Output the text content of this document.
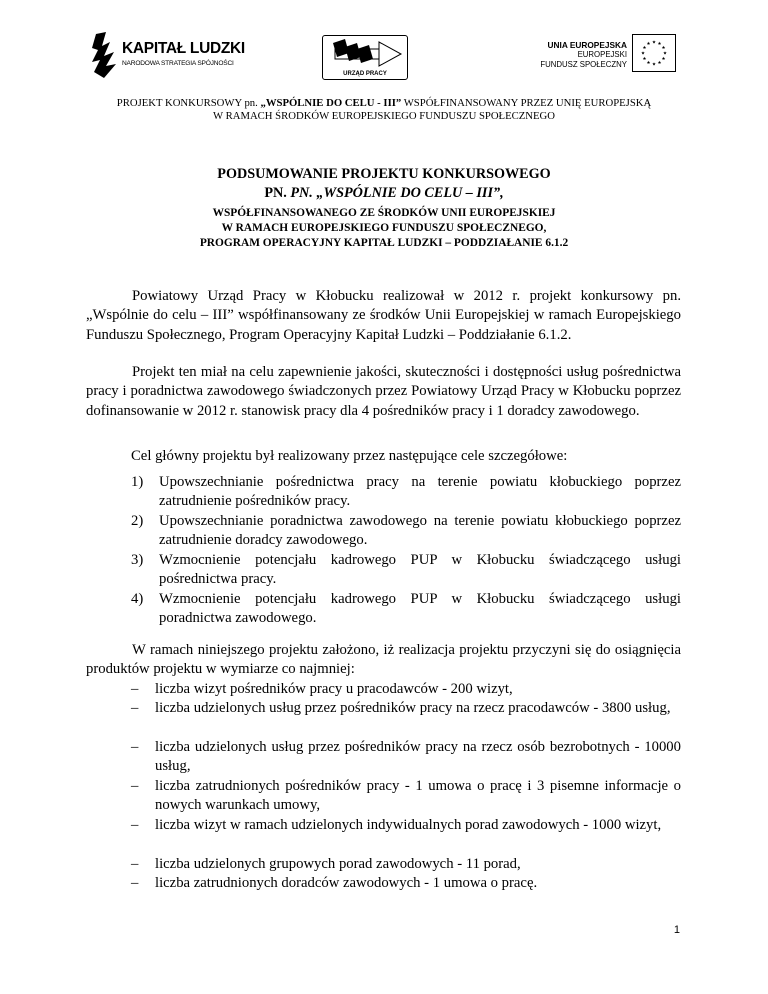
KAPITAŁ LUDZKI
NARODOWA STRATEGIA SPÓJNOŚCI
URZĄD PRACY
UNIA EUROPEJSKA
EUROPEJSKI
FUNDUSZ SPOŁECZNY
PROJEKT KONKURSOWY pn. „WSPÓLNIE DO CELU - III” WSPÓŁFINANSOWANY PRZEZ UNIĘ EUROPEJSKĄ
W RAMACH ŚRODKÓW EUROPEJSKIEGO FUNDUSZU SPOŁECZNEGO
PODSUMOWANIE PROJEKTU KONKURSOWEGO
PN. PN. „WSPÓLNIE DO CELU – III”,
WSPÓŁFINANSOWANEGO ZE ŚRODKÓW UNII EUROPEJSKIEJ
W RAMACH EUROPEJSKIEGO FUNDUSZU SPOŁECZNEGO,
PROGRAM OPERACYJNY KAPITAŁ LUDZKI – PODDZIAŁANIE 6.1.2
Powiatowy Urząd Pracy w Kłobucku realizował w 2012 r. projekt konkursowy pn. „Wspólnie do celu – III” współfinansowany ze środków Unii Europejskiej w ramach Europejskiego Funduszu Społecznego, Program Operacyjny Kapitał Ludzki – Poddziałanie 6.1.2.
Projekt ten miał na celu zapewnienie jakości, skuteczności i dostępności usług pośrednictwa pracy i poradnictwa zawodowego świadczonych przez Powiatowy Urząd Pracy w Kłobucku poprzez dofinansowanie w 2012 r. stanowisk pracy dla 4 pośredników pracy i 1 doradcy zawodowego.
Cel główny projektu był realizowany przez następujące cele szczegółowe:
1) Upowszechnianie pośrednictwa pracy na terenie powiatu kłobuckiego poprzez zatrudnienie pośredników pracy.
2) Upowszechnianie poradnictwa zawodowego na terenie powiatu kłobuckiego poprzez zatrudnienie doradcy zawodowego.
3) Wzmocnienie potencjału kadrowego PUP w Kłobucku świadczącego usługi pośrednictwa pracy.
4) Wzmocnienie potencjału kadrowego PUP w Kłobucku świadczącego usługi poradnictwa zawodowego.
W ramach niniejszego projektu założono, iż realizacja projektu przyczyni się do osiągnięcia produktów projektu w wymiarze co najmniej:
– liczba wizyt pośredników pracy u pracodawców - 200 wizyt,
– liczba udzielonych usług przez pośredników pracy na rzecz pracodawców - 3800 usług,
– liczba udzielonych usług przez pośredników pracy na rzecz osób bezrobotnych - 10000 usług,
– liczba zatrudnionych pośredników pracy - 1 umowa o pracę i 3 pisemne informacje o nowych warunkach umowy,
– liczba wizyt w ramach udzielonych indywidualnych porad zawodowych - 1000 wizyt,
– liczba udzielonych grupowych porad zawodowych - 11 porad,
– liczba zatrudnionych doradców zawodowych - 1 umowa o pracę.
1
